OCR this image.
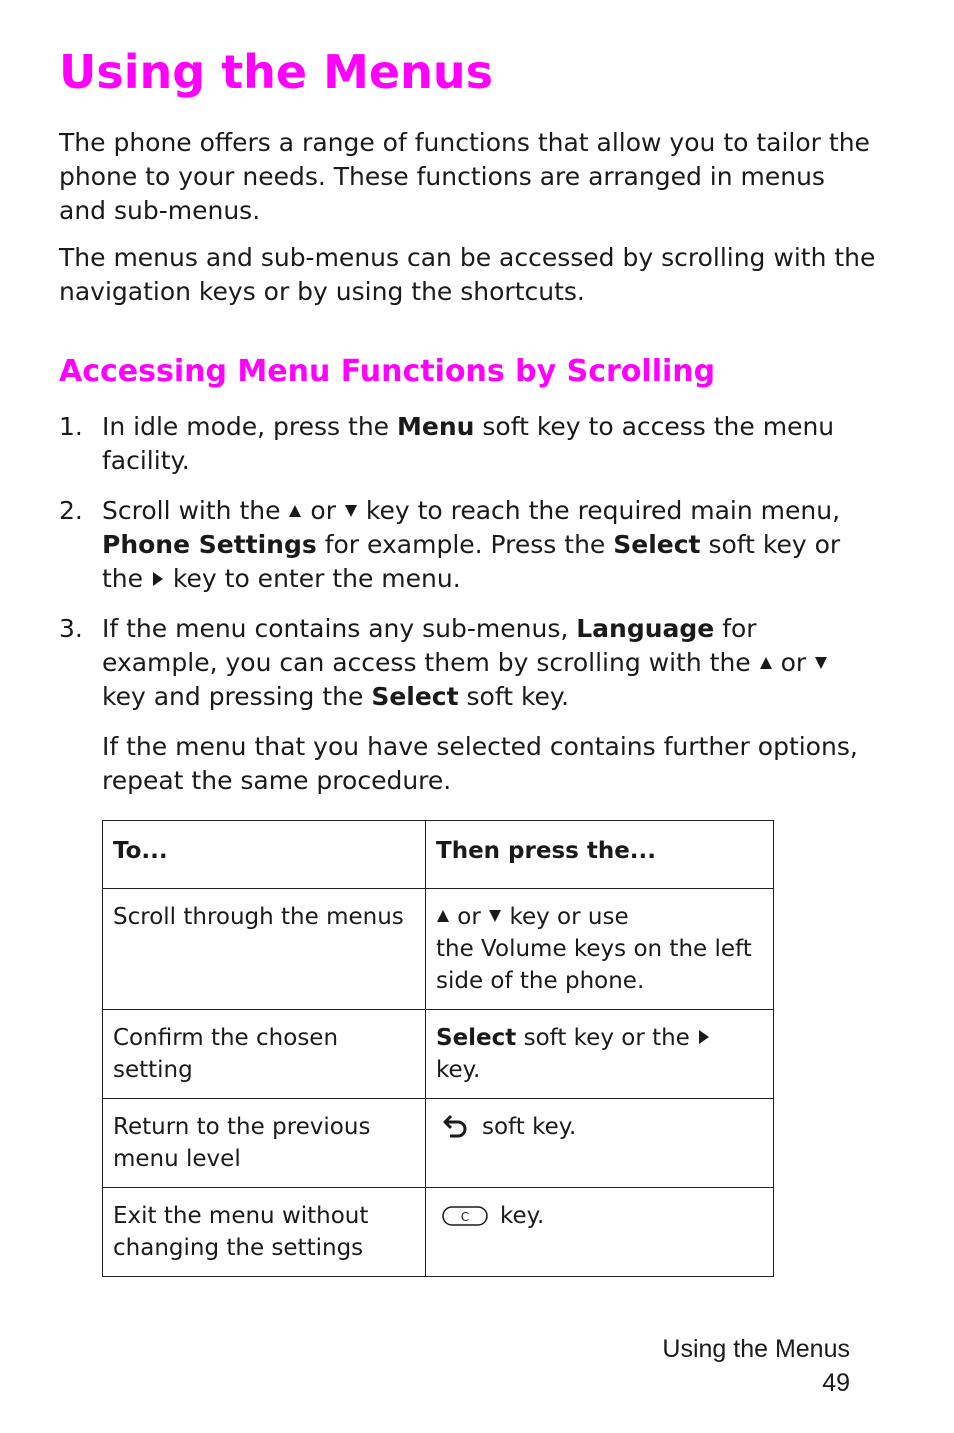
Using the Menus

The phone offers a range of functions that allow you to tailor the phone to your needs. These functions are arranged in menus and sub-menus.

The menus and sub-menus can be accessed by scrolling with the navigation keys or by using the shortcuts.

Accessing Menu Functions by Scrolling
1. In idle mode, press the Menu soft key to access the menu facility.
2. Scroll with the  or  key to reach the required main menu, Phone Settings for example. Press the Select soft key or the  key to enter the menu.
3. If the menu contains any sub-menus, Language for example, you can access them by scrolling with the  or  key and pressing the Select soft key.
If the menu that you have selected contains further options, repeat the same procedure.
To...	Then press the...
Scroll through the menus	or  key or use
the Volume keys on the left side of the phone.
Confirm the chosen setting	Select soft key or the
key.
Return to the previous menu level	soft key.
Exit the menu without changing the settings	C key.
Using the Menus
49
